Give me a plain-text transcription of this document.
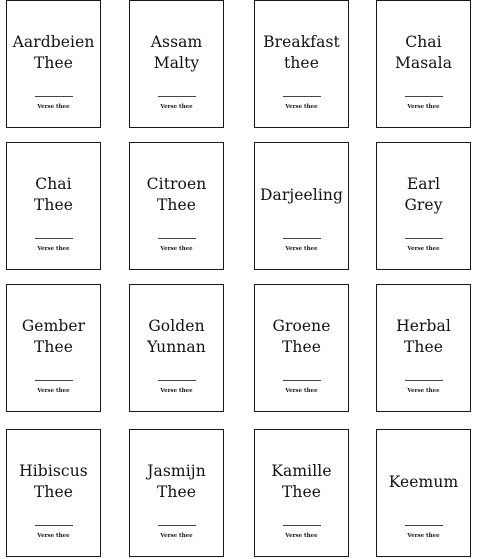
Aardbeien
Thee
Verse thee
Assam
Malty
Verse thee
Breakfast
thee
Verse thee
Chai
Masala
Verse thee
Chai
Thee
Verse thee
Citroen
Thee
Verse thee
Darjeeling
Verse thee
Earl
Grey
Verse thee
Gember
Thee
Verse thee
Golden
Yunnan
Verse thee
Groene
Thee
Verse thee
Herbal
Thee
Verse thee
Hibiscus
Thee
Verse thee
Jasmijn
Thee
Verse thee
Kamille
Thee
Verse thee
Keemum
Verse thee
